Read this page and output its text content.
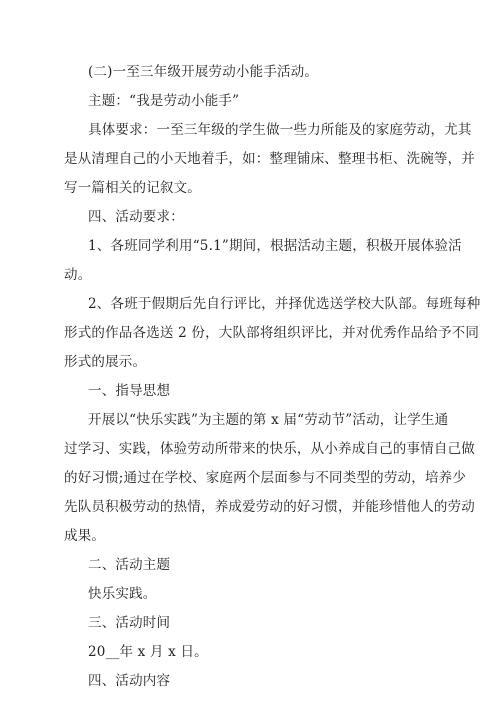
(二)一至三年级开展劳动小能手活动。
主题：“我是劳动小能手”
具体要求：一至三年级的学生做一些力所能及的家庭劳动，尤其
是从清理自己的小天地着手，如：整理铺床、整理书柜、洗碗等，并
写一篇相关的记叙文。
四、活动要求：
1、各班同学利用“5.1”期间，根据活动主题，积极开展体验活
动。
2、各班于假期后先自行评比，并择优选送学校大队部。每班每种
形式的作品各选送 2 份，大队部将组织评比，并对优秀作品给予不同
形式的展示。
一、指导思想
开展以“快乐实践”为主题的第 x 届“劳动节”活动，让学生通
过学习、实践，体验劳动所带来的快乐，从小养成自己的事情自己做
的好习惯;通过在学校、家庭两个层面参与不同类型的劳动，培养少
先队员积极劳动的热情，养成爱劳动的好习惯，并能珍惜他人的劳动
成果。
二、活动主题
快乐实践。
三、活动时间
20__年 x 月 x 日。
四、活动内容
